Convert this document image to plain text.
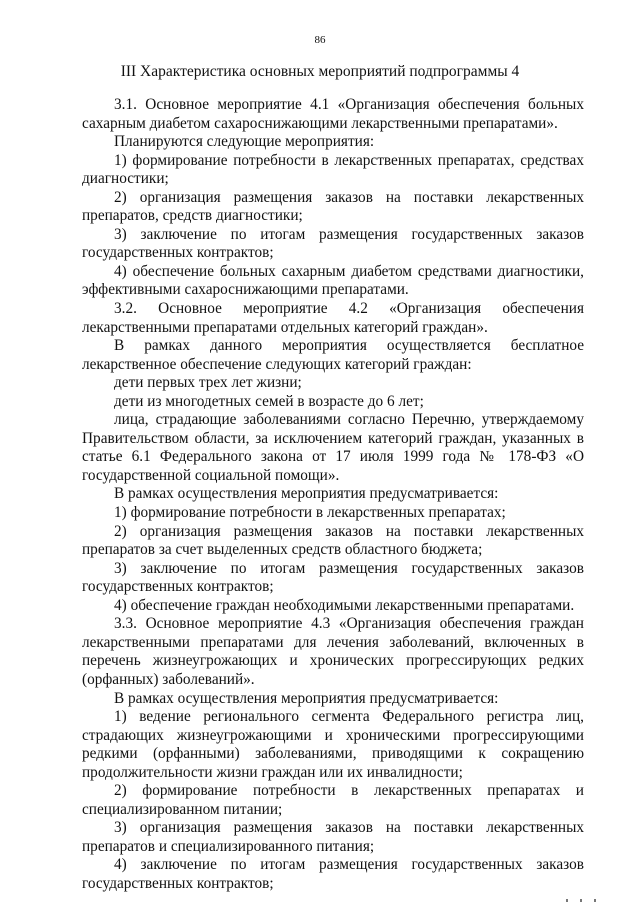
86
III Характеристика основных мероприятий подпрограммы 4

3.1. Основное мероприятие 4.1 «Организация обеспечения больных сахарным диабетом сахароснижающими лекарственными препаратами».

Планируются следующие мероприятия:

1) формирование потребности в лекарственных препаратах, средствах диагностики;

2) организация размещения заказов на поставки лекарственных препаратов, средств диагностики;

3) заключение по итогам размещения государственных заказов государственных контрактов;

4) обеспечение больных сахарным диабетом средствами диагностики, эффективными сахароснижающими препаратами.

3.2. Основное мероприятие 4.2 «Организация обеспечения лекарственными препаратами отдельных категорий граждан».

В рамках данного мероприятия осуществляется бесплатное лекарственное обеспечение следующих категорий граждан:

дети первых трех лет жизни;

дети из многодетных семей в возрасте до 6 лет;

лица, страдающие заболеваниями согласно Перечню, утверждаемому Правительством области, за исключением категорий граждан, указанных в статье 6.1 Федерального закона от 17 июля 1999 года № 178-ФЗ «О государственной социальной помощи».

В рамках осуществления мероприятия предусматривается:

1) формирование потребности в лекарственных препаратах;

2) организация размещения заказов на поставки лекарственных препаратов за счет выделенных средств областного бюджета;

3) заключение по итогам размещения государственных заказов государственных контрактов;

4) обеспечение граждан необходимыми лекарственными препаратами.

3.3. Основное мероприятие 4.3 «Организация обеспечения граждан лекарственными препаратами для лечения заболеваний, включенных в перечень жизнеугрожающих и хронических прогрессирующих редких (орфанных) заболеваний».

В рамках осуществления мероприятия предусматривается:

1) ведение регионального сегмента Федерального регистра лиц, страдающих жизнеугрожающими и хроническими прогрессирующими редкими (орфанными) заболеваниями, приводящими к сокращению продолжительности жизни граждан или их инвалидности;

2) формирование потребности в лекарственных препаратах и специализированном питании;

3) организация размещения заказов на поставки лекарственных препаратов и специализированного питания;

4) заключение по итогам размещения государственных заказов государственных контрактов;
